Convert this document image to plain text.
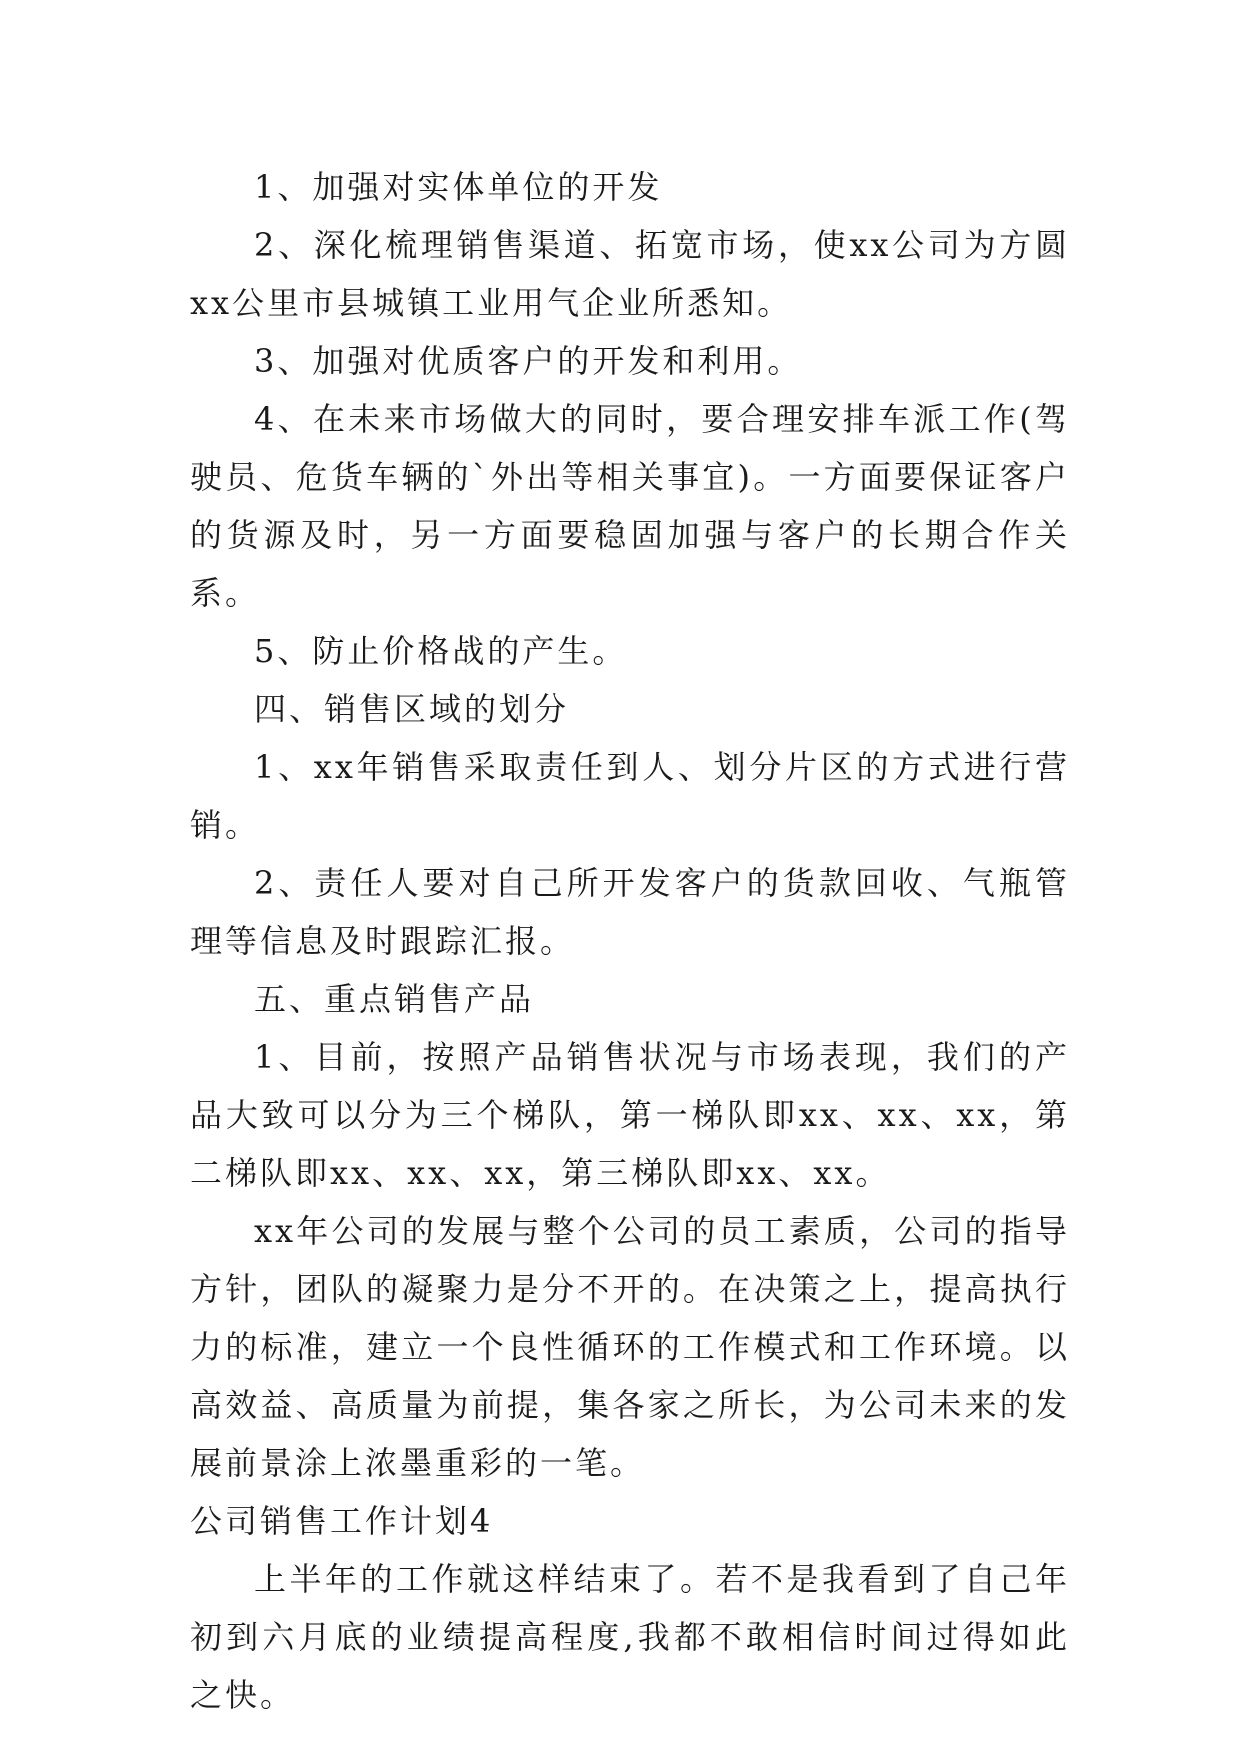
1、加强对实体单位的开发

2、深化梳理销售渠道、拓宽市场，使xx公司为方圆xx公里市县城镇工业用气企业所悉知。

3、加强对优质客户的开发和利用。

4、在未来市场做大的同时，要合理安排车派工作(驾驶员、危货车辆的`外出等相关事宜)。一方面要保证客户的货源及时，另一方面要稳固加强与客户的长期合作关系。

5、防止价格战的产生。

四、销售区域的划分

1、xx年销售采取责任到人、划分片区的方式进行营销。

2、责任人要对自己所开发客户的货款回收、气瓶管理等信息及时跟踪汇报。

五、重点销售产品

1、目前，按照产品销售状况与市场表现，我们的产品大致可以分为三个梯队，第一梯队即xx、xx、xx，第二梯队即xx、xx、xx，第三梯队即xx、xx。

xx年公司的发展与整个公司的员工素质，公司的指导方针，团队的凝聚力是分不开的。在决策之上，提高执行力的标准，建立一个良性循环的工作模式和工作环境。以高效益、高质量为前提，集各家之所长，为公司未来的发展前景涂上浓墨重彩的一笔。

公司销售工作计划4

上半年的工作就这样结束了。若不是我看到了自己年初到六月底的业绩提高程度,我都不敢相信时间过得如此之快。
